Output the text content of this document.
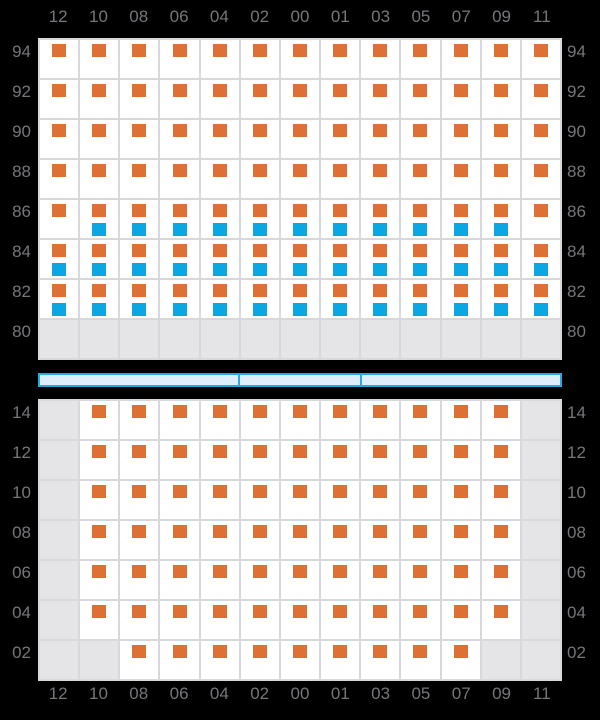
12	10	08	06	04	02	00	01	03	05	07	09	11
94
92
90
88
86
84
82
80
94
92
90
88
86
84
82
80
14
12
10
08
06
04
02
14
12
10
08
06
04
02
12	10	08	06	04	02	00	01	03	05	07	09	11
